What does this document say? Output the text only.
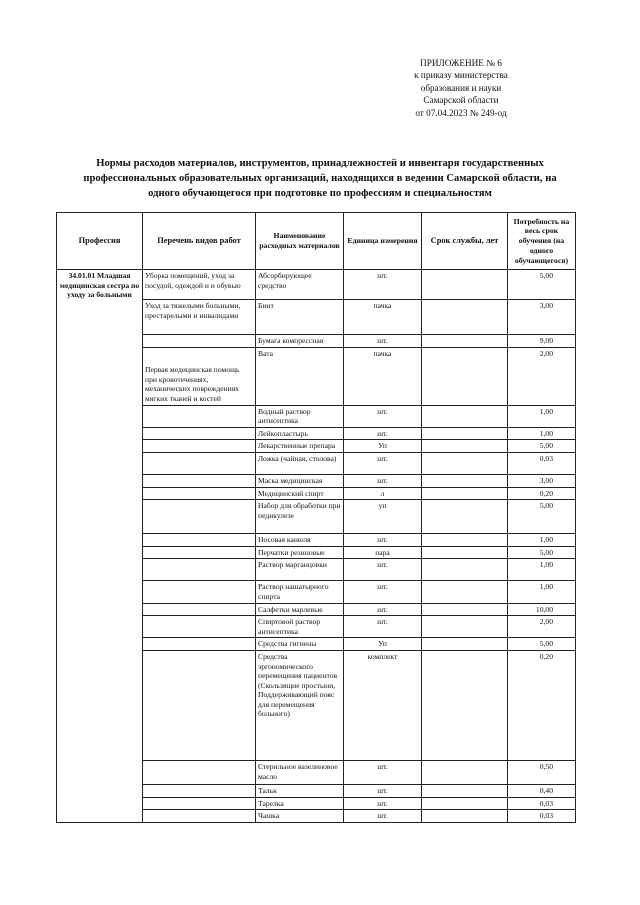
ПРИЛОЖЕНИЕ № 6
к приказу министерства
образования и науки
Самарской области
от 07.04.2023 № 249-од
Нормы расходов материалов, инструментов, принадлежностей и инвентаря государственных
профессиональных образовательных организаций, находящихся в ведении Самарской области, на
одного обучающегося при подготовке по профессиям и специальностям
Профессия	Перечень видов работ	Наименование расходных материалов	Единица измерения	Срок службы, лет	Потребность на весь срок обучения (на одного обучающегося)
34.01.01 Младшая медицинская сестра по уходу за больными	Уборка помещений, уход за посудой, одеждой и и обувью	Абсорбирующее средство	шт.		5,00
	Уход за тяжелыми больными, престарелыми и инвалидами	Бинт	пачка		3,00
		Бумага компрессная	шт.		9,00
	Первая медицинская помощь при кровотечениях, механических повреждениях мягких тканей и костей	Вата	пачка		2,00
		Водный раствор антисептика	шт.		1,00
		Лейкопластырь	шт.		1,00
		Лекарственные препара	Уп		5,00
		Ложка (чайная, столова)	шт.		0,03
		Маска медицинская	шт.		3,00
		Медицинский спирт	л		0,20
		Набор для обработки при педикулезе	уп		5,00
		Носовая канюля	шт.		1,00
		Перчатки резиновые	пара		5,00
		Раствор марганцовки	шт.		1,00
		Раствор нашатырного спирта	шт.		1,00
		Салфетки марлевые	шт.		10,00
		Спиртовой раствор антисептика	шт.		2,00
		Средства гигиены	Уп		5,00
		Средства эргономического перемещения пациентов (Скользящие простыни, Поддерживающий пояс для перемещения больного)	комплект		0,20
		Стерильное вазелиновое масло	шт.		0,50
		Тальк	шт.		0,40
		Тарелка	шт.		0,03
		Чашка	шт.		0,03
